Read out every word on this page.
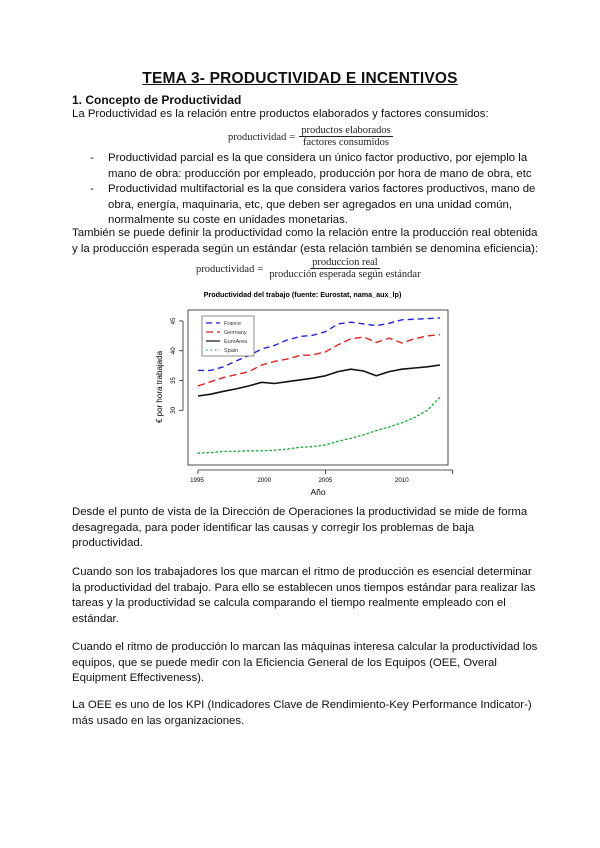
TEMA 3- PRODUCTIVIDAD E INCENTIVOS
1. Concepto de Productividad
La Productividad es la relación entre productos elaborados y factores consumidos:
productividad = $\frac{\text{productos elaborados}}{\text{factores consumidos}}$
- Productividad parcial es la que considera un único factor productivo, por ejemplo la mano de obra: producción por empleado, producción por hora de mano de obra, etc
- Productividad multifactorial es la que considera varios factores productivos, mano de obra, energía, maquinaria, etc, que deben ser agregados en una unidad común, normalmente su coste en unidades monetarias.
También se puede definir la productividad como la relación entre la producción real obtenida y la producción esperada según un estándar (esta relación también se denomina eficiencia):
productividad = $\frac{\text{produccion real}}{\text{producción esperada según estándar}}$
Productividad del trabajo (fuente: Eurostat, nama_aux_lp)
1995	2000	2005	2010
30
35
40
45	France
Germany
EuroArea
Spain
Año
€ por hora trabajada
Desde el punto de vista de la Dirección de Operaciones la productividad se mide de forma desagregada, para poder identificar las causas y corregir los problemas de baja productividad.
Cuando son los trabajadores los que marcan el ritmo de producción es esencial determinar la productividad del trabajo. Para ello se establecen unos tiempos estándar para realizar las tareas y la productividad se calcula comparando el tiempo realmente empleado con el estándar.
Cuando el ritmo de producción lo marcan las máquinas interesa calcular la productividad los equipos, que se puede medir con la Eficiencia General de los Equipos (OEE, Overal Equipment Effectiveness).
La OEE es uno de los KPI (Indicadores Clave de Rendimiento-Key Performance Indicator-) más usado en las organizaciones.
